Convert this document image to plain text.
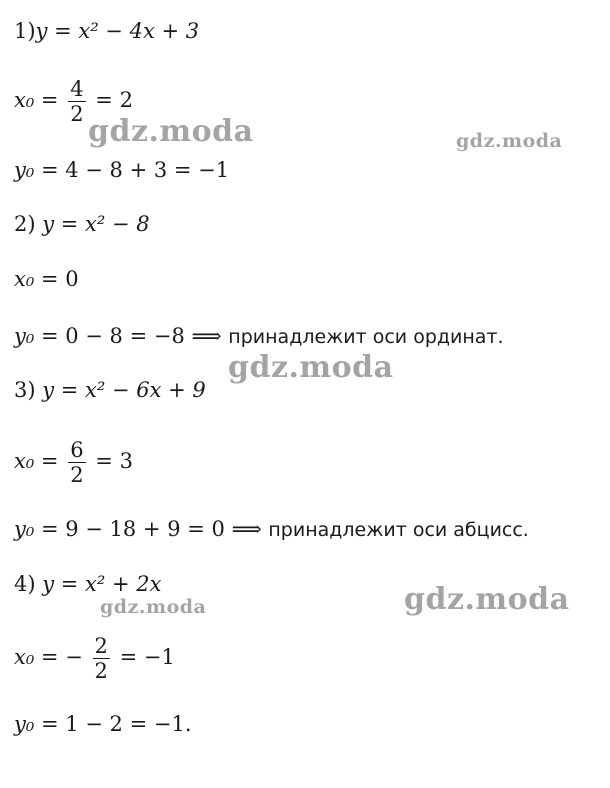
1)y = x² − 4x + 3
$x_0 = \frac{4}{2} = 2$
y₀ = 4 − 8 + 3 = −1
2) y = x² − 8
x₀ = 0
y₀ = 0 − 8 = −8 ⟹ принадлежит оси ординат.
3) y = x² − 6x + 9
$x_0 = \frac{6}{2} = 3$
y₀ = 9 − 18 + 9 = 0 ⟹ принадлежит оси абцисс.
4) y = x² + 2x
x₀ = − $\frac{2}{2} = -1$
y₀ = 1 − 2 = −1.
gdz.moda	gdz.moda
gdz.moda
gdz.moda
gdz.moda
